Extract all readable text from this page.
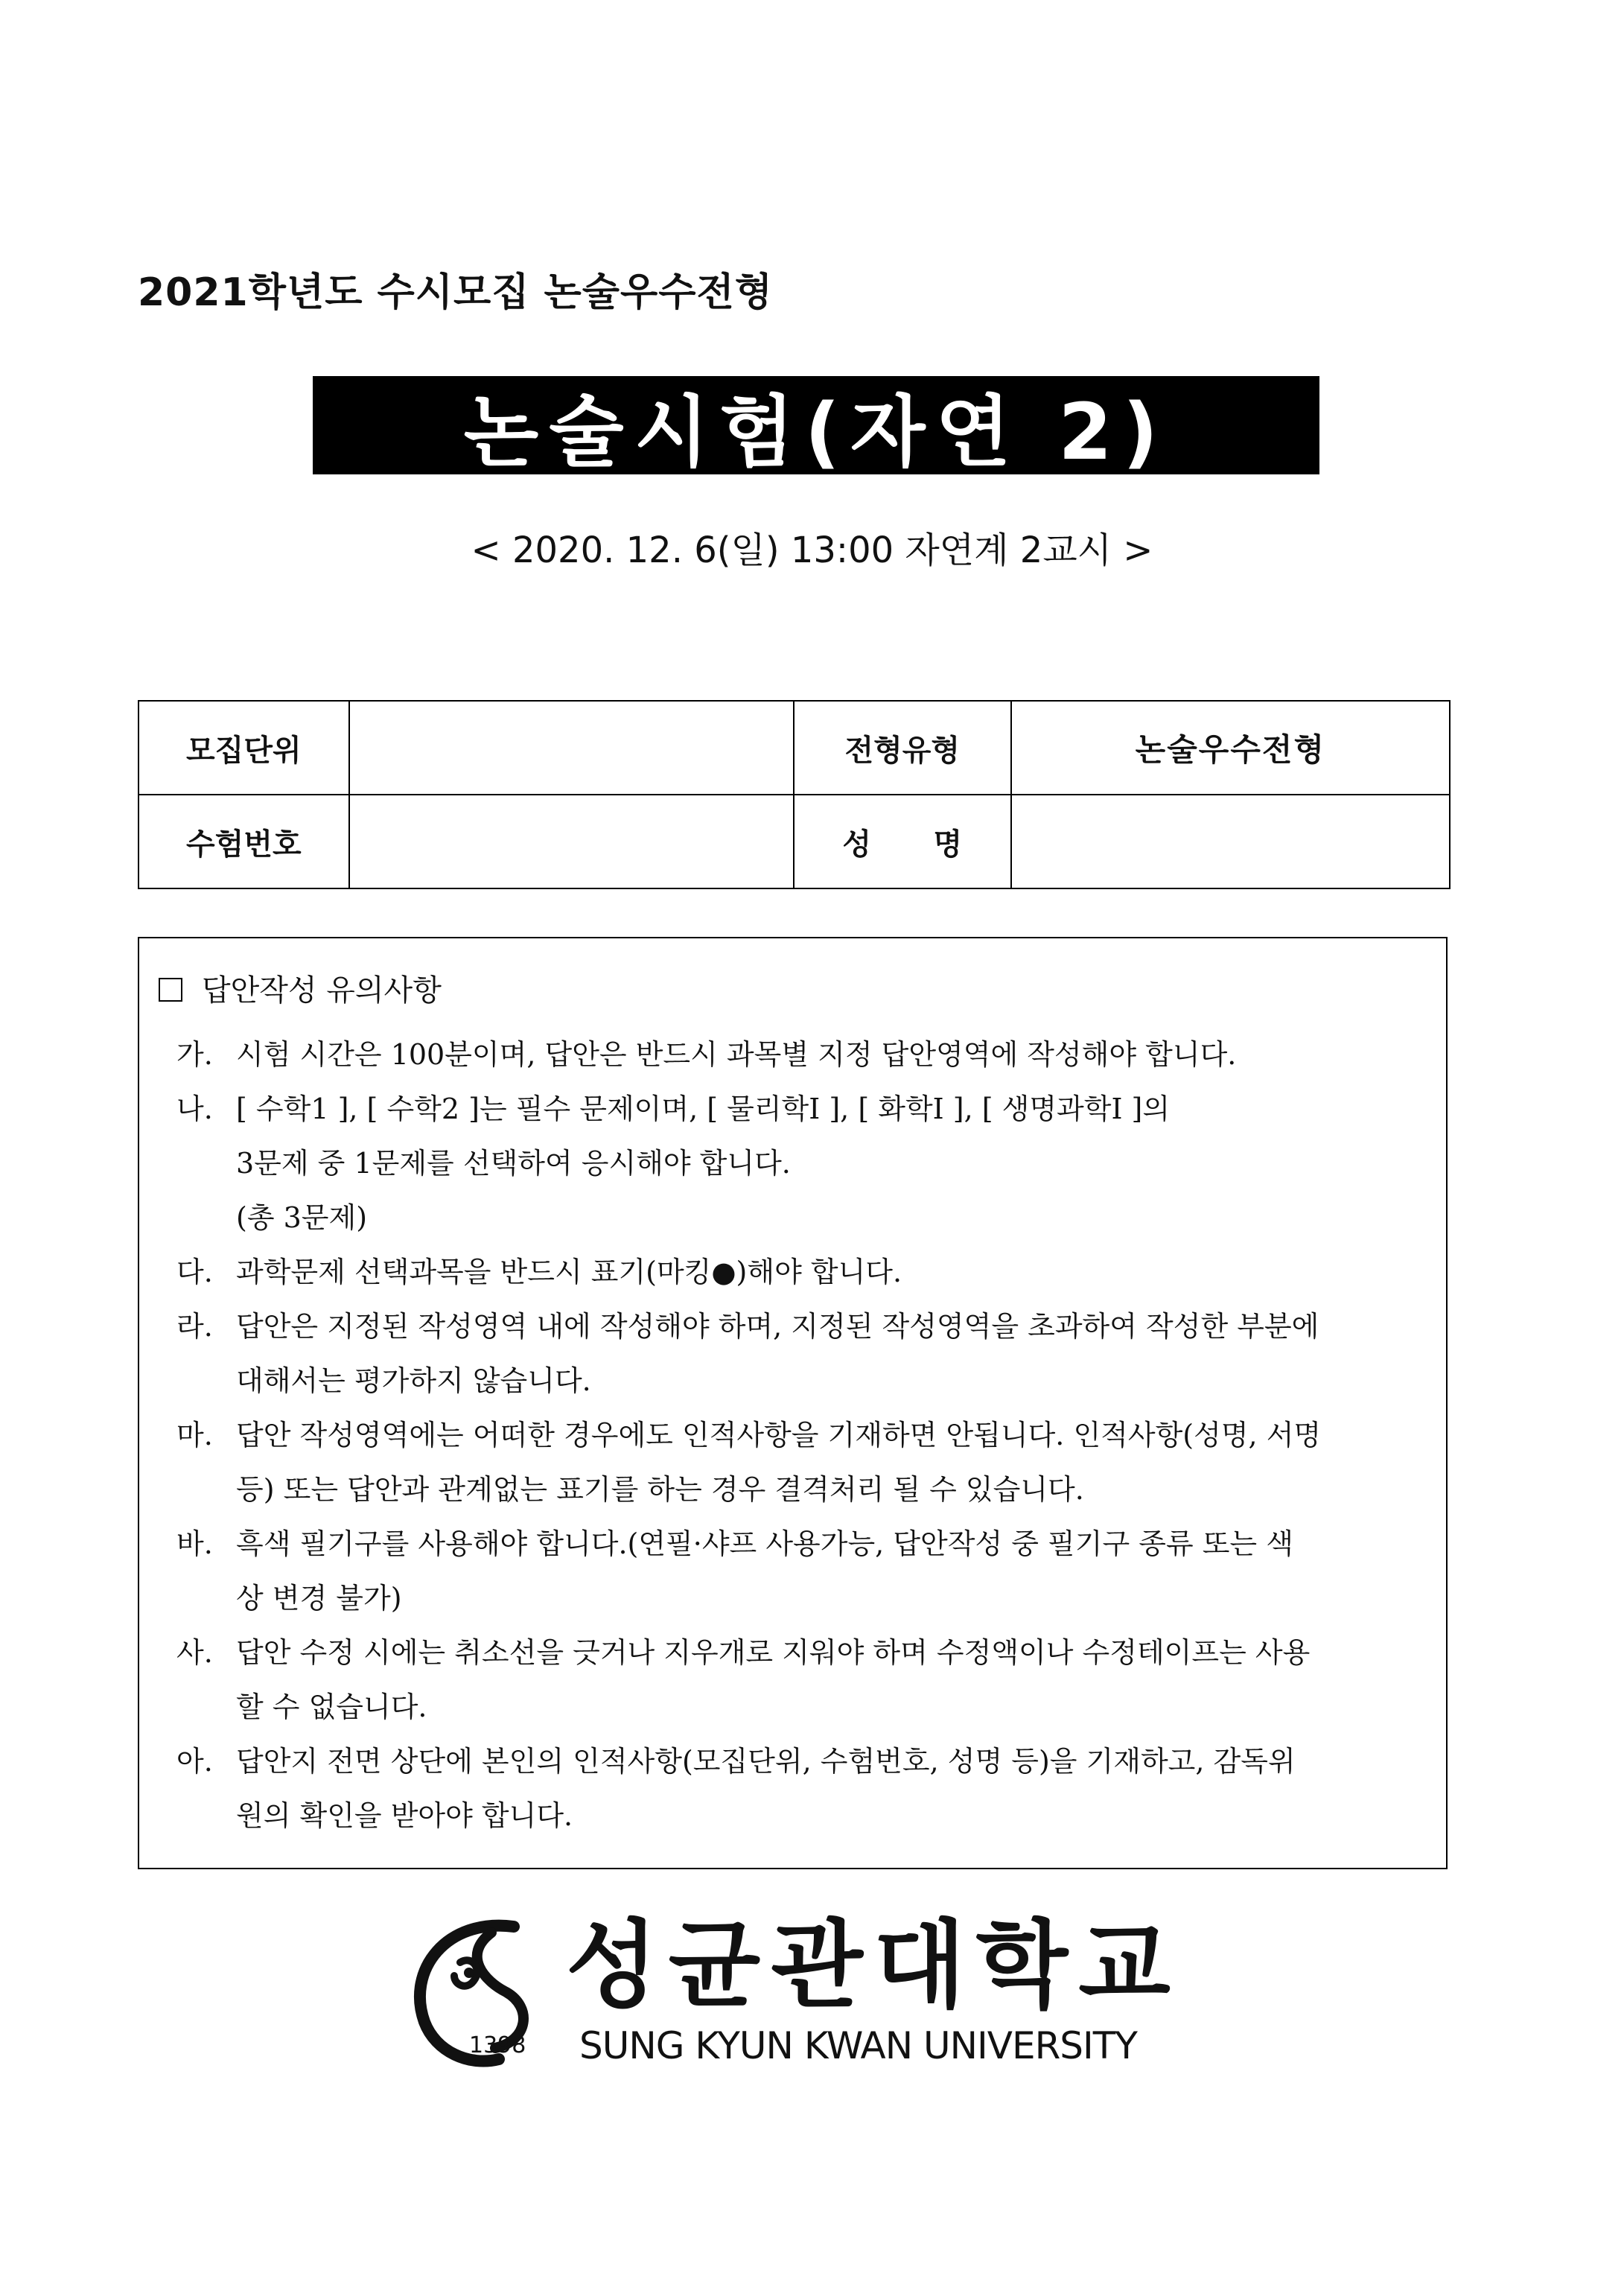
2021학년도 수시모집 논술우수전형
논술시험(자연 2)
< 2020. 12. 6(일) 13:00 자연계 2교시 >
모집단위		전형유형	논술우수전형
수험번호		성      명	
답안작성 유의사항
가. 시험 시간은 100분이며, 답안은 반드시 과목별 지정 답안영역에 작성해야 합니다.
나. [ 수학1 ], [ 수학2 ]는 필수 문제이며, [ 물리학Ⅰ ], [ 화학Ⅰ ], [ 생명과학Ⅰ ]의
3문제 중 1문제를 선택하여 응시해야 합니다.
(총 3문제)
다. 과학문제 선택과목을 반드시 표기(마킹●)해야 합니다.
라. 답안은 지정된 작성영역 내에 작성해야 하며, 지정된 작성영역을 초과하여 작성한 부분에
대해서는 평가하지 않습니다.
마. 답안 작성영역에는 어떠한 경우에도 인적사항을 기재하면 안됩니다. 인적사항(성명, 서명
등) 또는 답안과 관계없는 표기를 하는 경우 결격처리 될 수 있습니다.
바. 흑색 필기구를 사용해야 합니다.(연필·샤프 사용가능, 답안작성 중 필기구 종류 또는 색
상 변경 불가)
사. 답안 수정 시에는 취소선을 긋거나 지우개로 지워야 하며 수정액이나 수정테이프는 사용
할 수 없습니다.
아. 답안지 전면 상단에 본인의 인적사항(모집단위, 수험번호, 성명 등)을 기재하고, 감독위
원의 확인을 받아야 합니다.
1398
성균관대학교
SUNG KYUN KWAN UNIVERSITY
